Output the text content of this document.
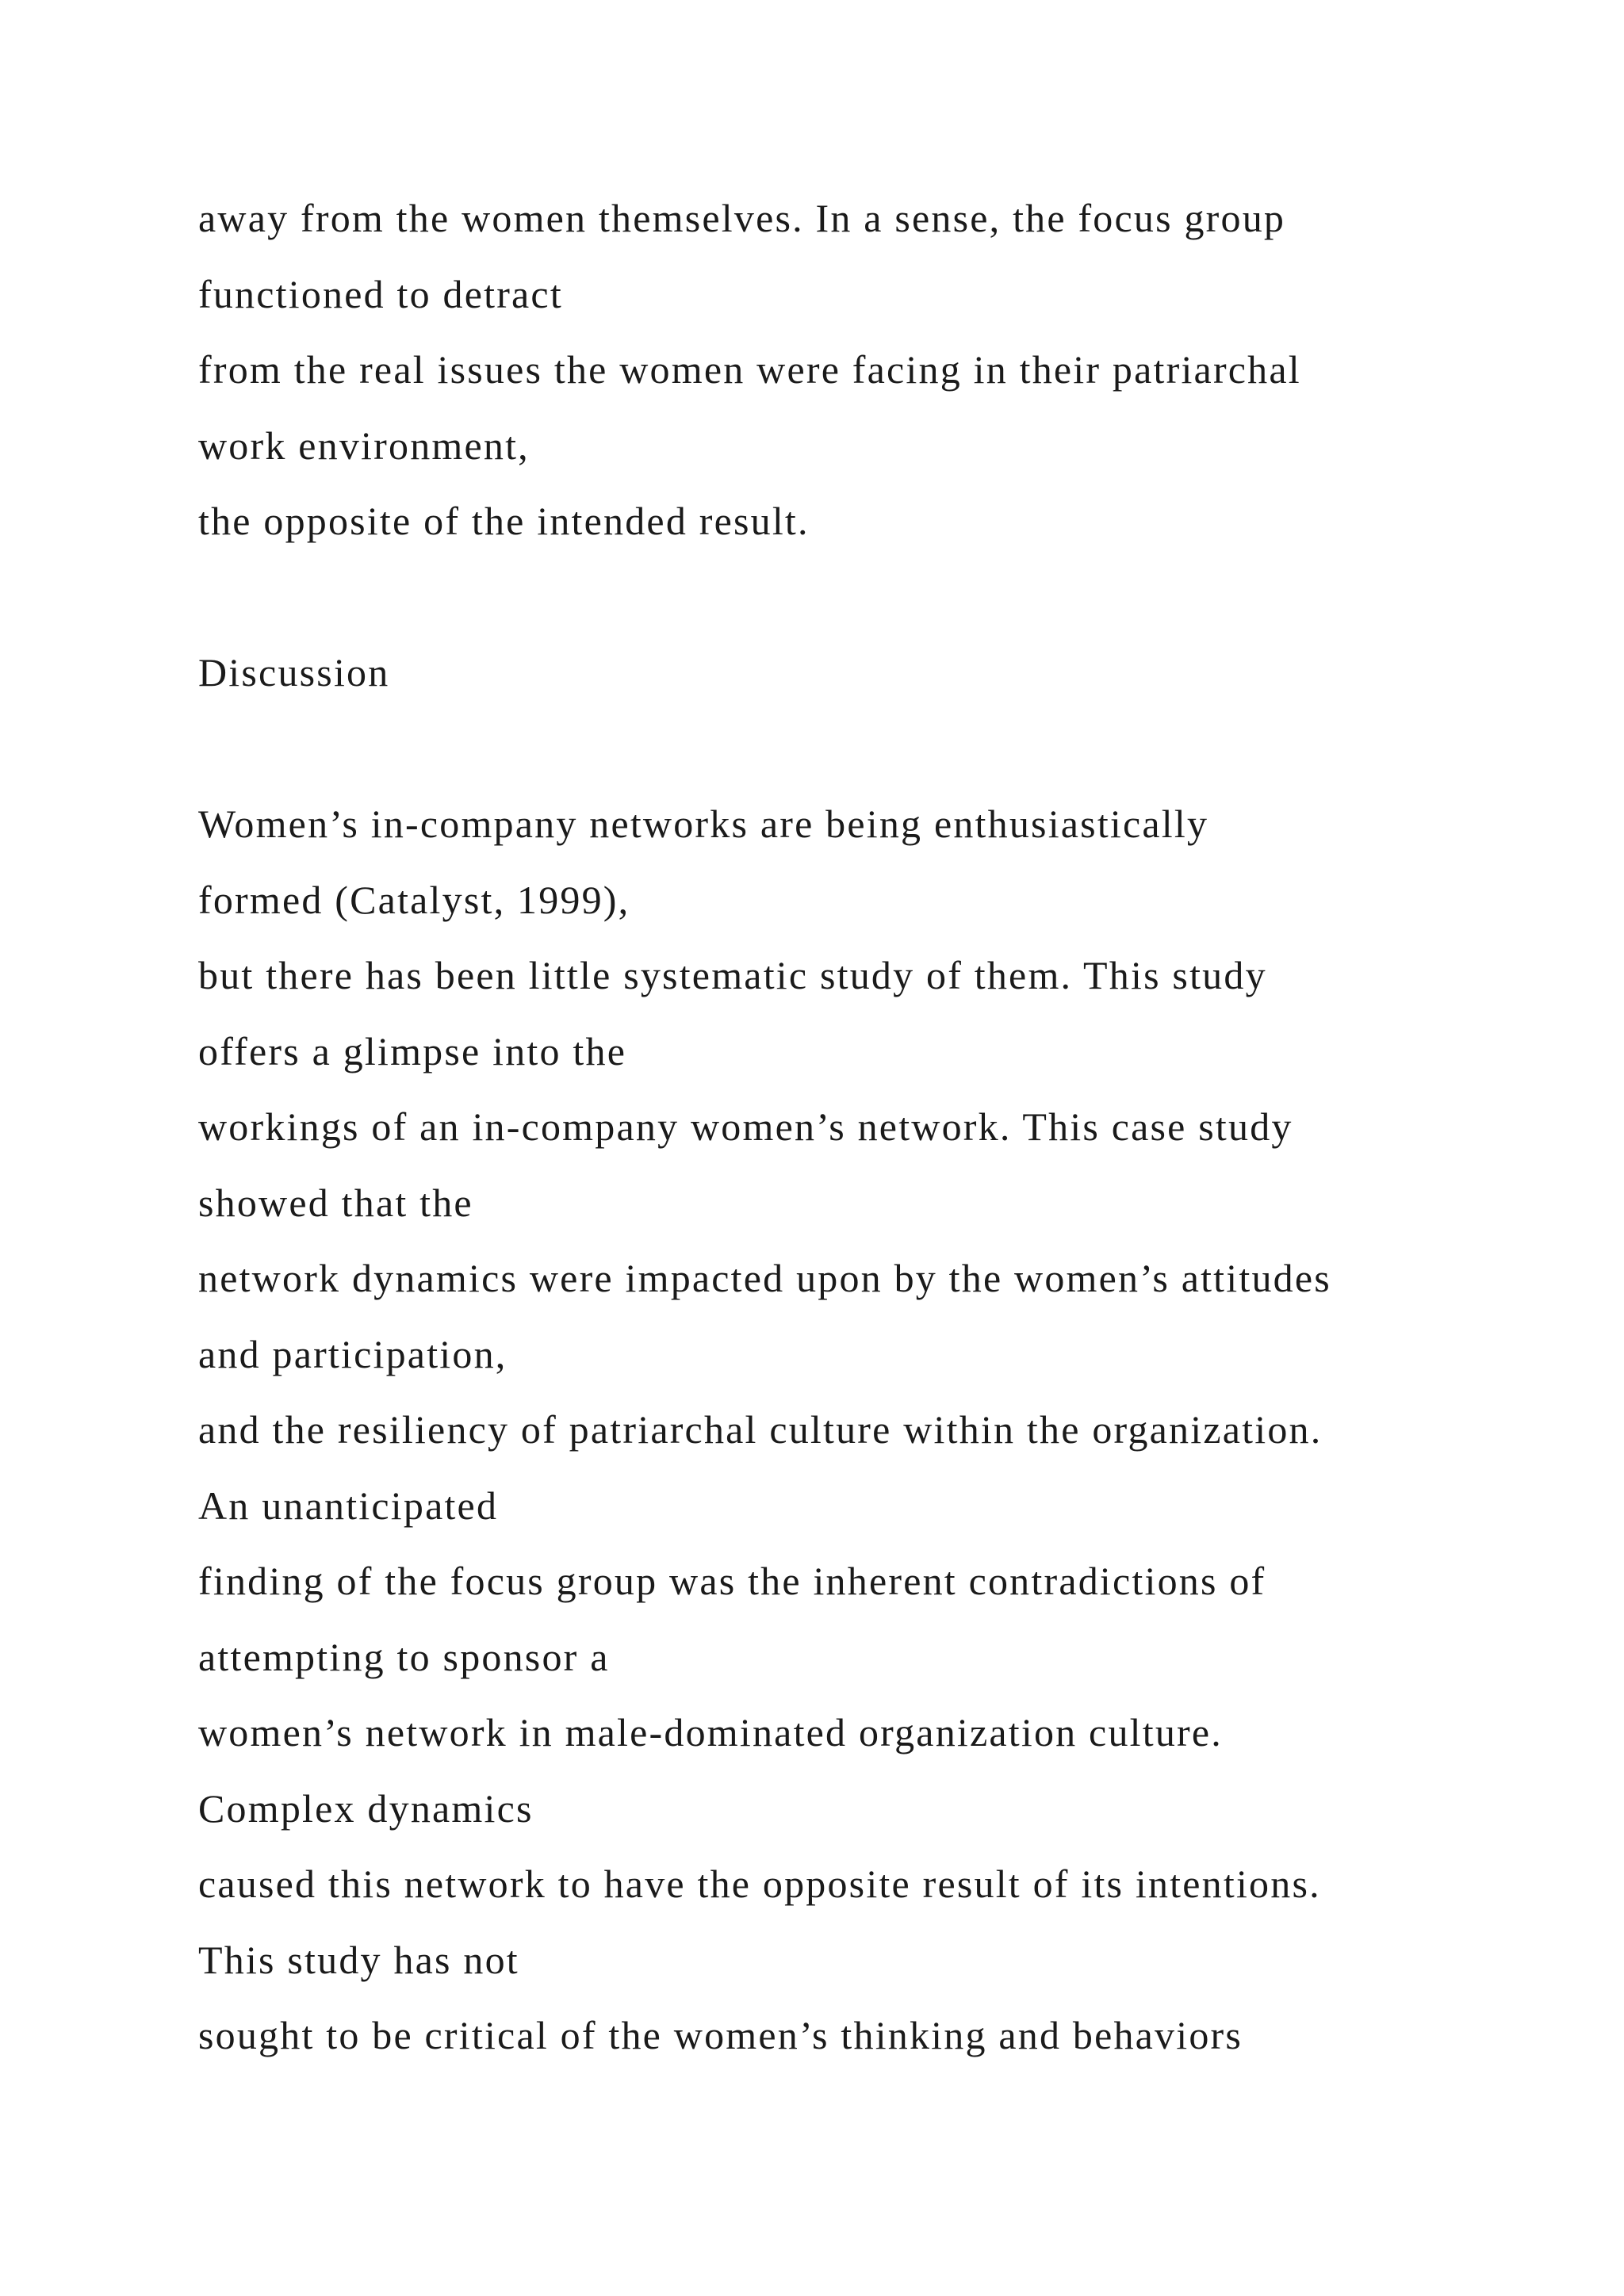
away from the women themselves. In a sense, the focus group
functioned to detract
from the real issues the women were facing in their patriarchal
work environment,
the opposite of the intended result.
Discussion
Women’s in-company networks are being enthusiastically
formed (Catalyst, 1999),
but there has been little systematic study of them. This study
offers a glimpse into the
workings of an in-company women’s network. This case study
showed that the
network dynamics were impacted upon by the women’s attitudes
and participation,
and the resiliency of patriarchal culture within the organization.
An unanticipated
finding of the focus group was the inherent contradictions of
attempting to sponsor a
women’s network in male-dominated organization culture.
Complex dynamics
caused this network to have the opposite result of its intentions.
This study has not
sought to be critical of the women’s thinking and behaviors
